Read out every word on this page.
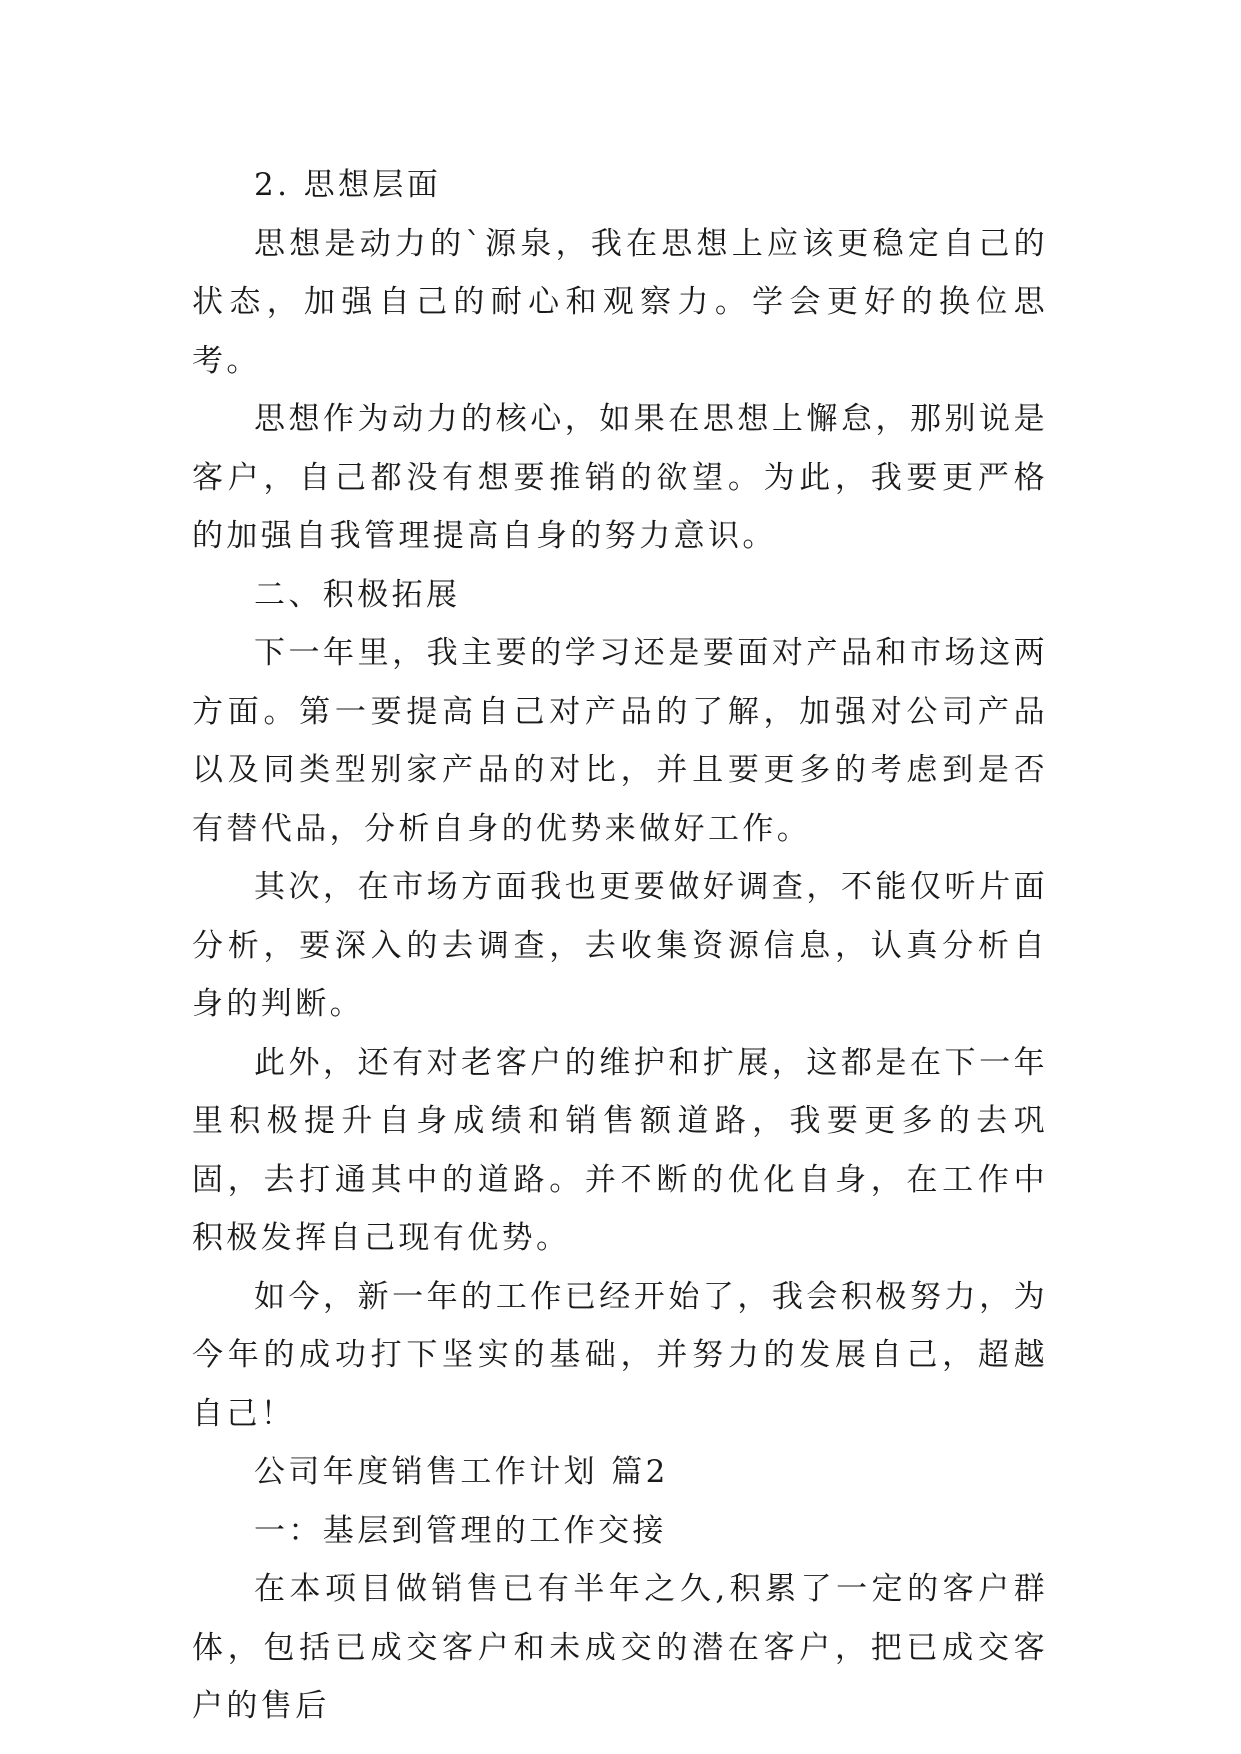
2. 思想层面

思想是动力的`源泉，我在思想上应该更稳定自己的状态，加强自己的耐心和观察力。学会更好的换位思考。

思想作为动力的核心，如果在思想上懈怠，那别说是客户，自己都没有想要推销的欲望。为此，我要更严格的加强自我管理提高自身的努力意识。

二、积极拓展

下一年里，我主要的学习还是要面对产品和市场这两方面。第一要提高自己对产品的了解，加强对公司产品以及同类型别家产品的对比，并且要更多的考虑到是否有替代品，分析自身的优势来做好工作。

其次，在市场方面我也更要做好调查，不能仅听片面分析，要深入的去调查，去收集资源信息，认真分析自身的判断。

此外，还有对老客户的维护和扩展，这都是在下一年里积极提升自身成绩和销售额道路，我要更多的去巩固，去打通其中的道路。并不断的优化自身，在工作中积极发挥自己现有优势。

如今，新一年的工作已经开始了，我会积极努力，为今年的成功打下坚实的基础，并努力的发展自己，超越自己！

公司年度销售工作计划 篇2

一：基层到管理的工作交接

在本项目做销售已有半年之久,积累了一定的客户群体，包括已成交客户和未成交的潜在客户，把已成交客户的售后
